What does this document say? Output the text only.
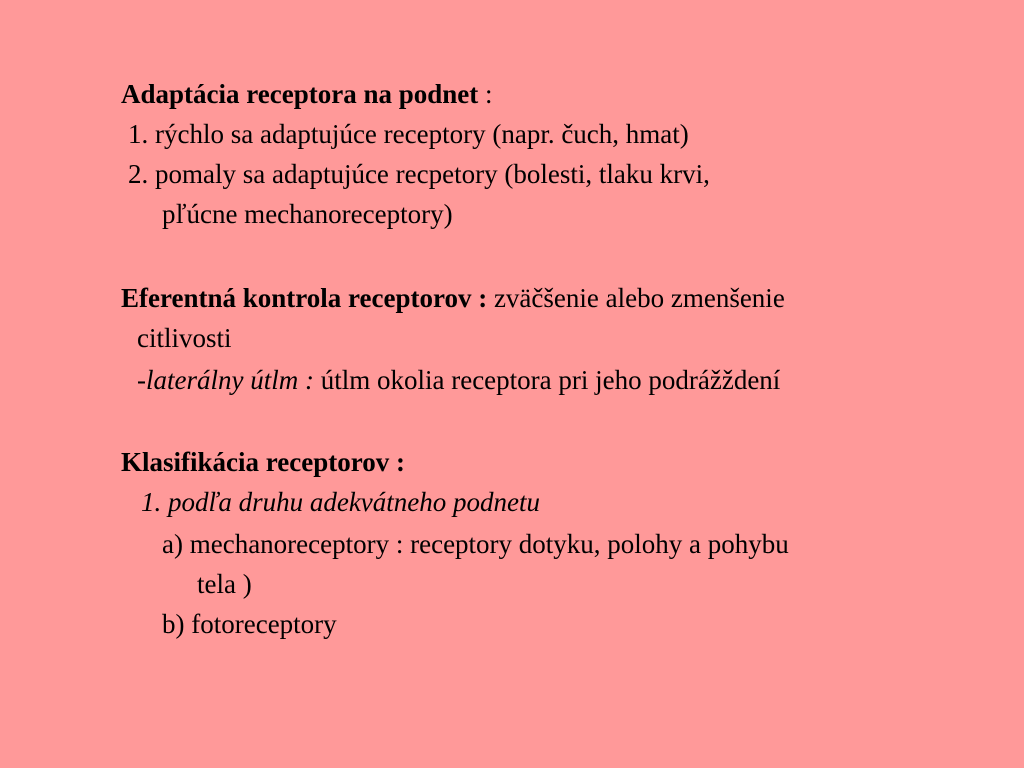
Adaptácia receptora na podnet :
1. rýchlo sa adaptujúce receptory (napr. čuch, hmat)
2. pomaly sa adaptujúce recpetory (bolesti, tlaku krvi,
pľúcne mechanoreceptory)
Eferentná kontrola receptorov : zväčšenie alebo zmenšenie
citlivosti
-laterálny útlm : útlm okolia receptora pri jeho podrážždení
Klasifikácia receptorov :
1. podľa druhu adekvátneho podnetu
a) mechanoreceptory : receptory dotyku, polohy a pohybu
tela )
b) fotoreceptory
